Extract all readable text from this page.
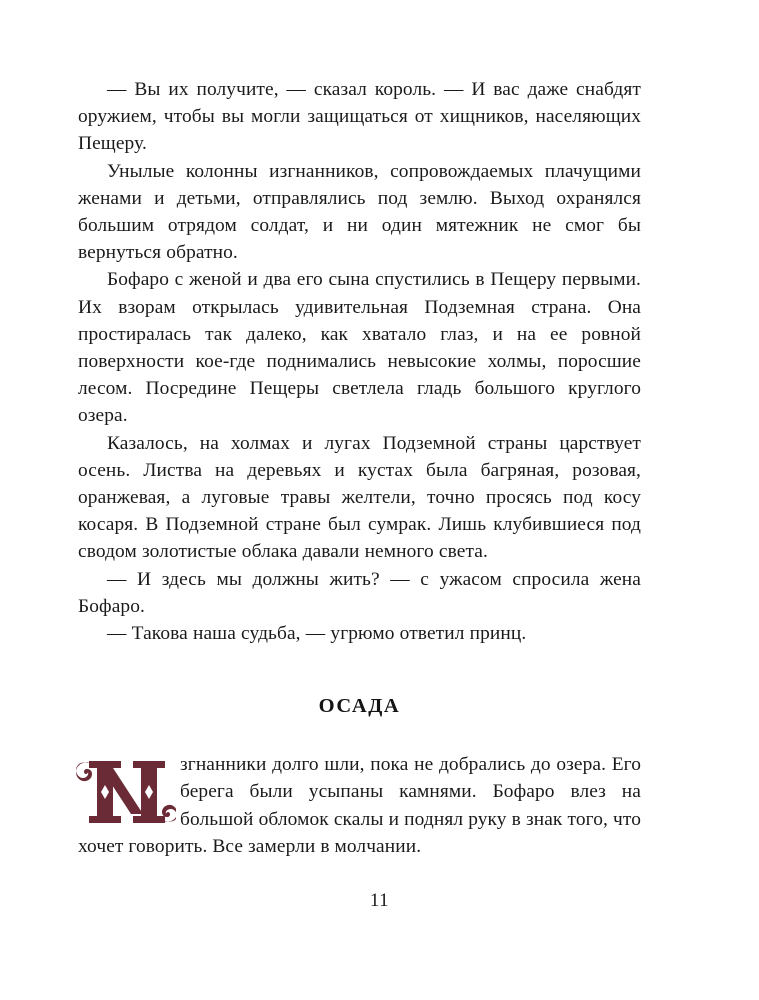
— Вы их получите, — сказал король. — И вас даже снабдят оружием, чтобы вы могли защищаться от хищников, населяющих Пещеру.

Унылые колонны изгнанников, сопровождаемых плачущими женами и детьми, отправлялись под землю. Выход охранялся большим отрядом солдат, и ни один мятежник не смог бы вернуться обратно.

Бофаро с женой и два его сына спустились в Пещеру первыми. Их взорам открылась удивительная Подземная страна. Она простиралась так далеко, как хватало глаз, и на ее ровной поверхности кое-где поднимались невысокие холмы, поросшие лесом. Посредине Пещеры светлела гладь большого круглого озера.

Казалось, на холмах и лугах Подземной страны царствует осень. Листва на деревьях и кустах была багряная, розовая, оранжевая, а луговые травы желтели, точно просясь под косу косаря. В Подземной стране был сумрак. Лишь клубившиеся под сводом золотистые облака давали немного света.

— И здесь мы должны жить? — с ужасом спросила жена Бофаро.

— Такова наша судьба, — угрюмо ответил принц.

ОСАДА

згнанники долго шли, пока не добрались до озера. Его берега были усыпаны камнями. Бофаро влез на большой обломок скалы и поднял руку в знак того, что хочет говорить. Все замерли в молчании.

11
